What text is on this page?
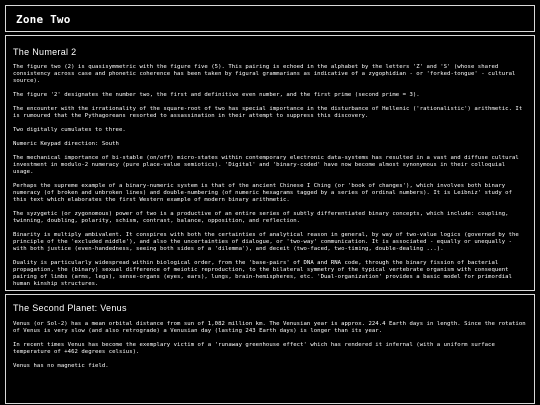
Zone Two
The Numeral 2

The figure two (2) is quasisymmetric with the figure five (5). This pairing is echoed in the alphabet by the letters 'Z' and 'S' (whose shared consistency across case and phonetic coherence has been taken by figural grammarians as indicative of a zygophidian - or 'forked-tongue' - cultural source).

The figure '2' designates the number two, the first and definitive even number, and the first prime (second prime = 3).

The encounter with the irrationality of the square-root of two has special importance in the disturbance of Hellenic ('rationalistic') arithmetic. It is rumoured that the Pythagoreans resorted to assassination in their attempt to suppress this discovery.

Two digitally cumulates to three.

Numeric Keypad direction: South

The mechanical importance of bi-stable (on/off) micro-states within contemporary electronic data-systems has resulted in a vast and diffuse cultural investment in modulo-2 numeracy (pure place-value semiotics). 'Digital' and 'binary-coded' have now become almost synonymous in their colloquial usage.

Perhaps the supreme example of a binary-numeric system is that of the ancient Chinese I Ching (or 'book of changes'), which involves both binary numeracy (of broken and unbroken lines) and double-numbering (of numeric hexagrams tagged by a series of ordinal numbers). It is Leibniz' study of this text which elaborates the first Western example of modern binary arithmetic.

The syzygetic (or zygonomous) power of two is a productive of an entire series of subtly differentiated binary concepts, which include: coupling, twinning, doubling, polarity, schism, contrast, balance, opposition, and reflection.

Binarity is multiply ambivalent. It conspires with both the certainties of analytical reason in general, by way of two-value logics (governed by the principle of the 'excluded middle'), and also the uncertainties of dialogue, or 'two-way' communication. It is associated - equally or unequally - with both justice (even-handedness, seeing both sides of a 'dilemma'), and deceit (two-faced, two-timing, double-dealing ...).

Duality is particularly widespread within biological order, from the 'base-pairs' of DNA and RNA code, through the binary fission of bacterial propagation, the (binary) sexual difference of meiotic reproduction, to the bilateral symmetry of the typical vertebrate organism with consequent pairing of limbs (arms, legs), sense-organs (eyes, ears), lungs, brain-hemispheres, etc. 'Dual-organization' provides a basic model for primordial human kinship structures.

The Second Planet: Venus

Venus (or Sol-2) has a mean orbital distance from sun of 1,082 million km. The Venusian year is approx. 224.4 Earth days in length. Since the rotation of Venus is very slow (and also retrograde) a Venusian day (lasting 243 Earth days) is longer than its year.

In recent times Venus has become the exemplary victim of a 'runaway greenhouse effect' which has rendered it infernal (with a uniform surface temperature of +462 degrees celsius).

Venus has no magnetic field.
